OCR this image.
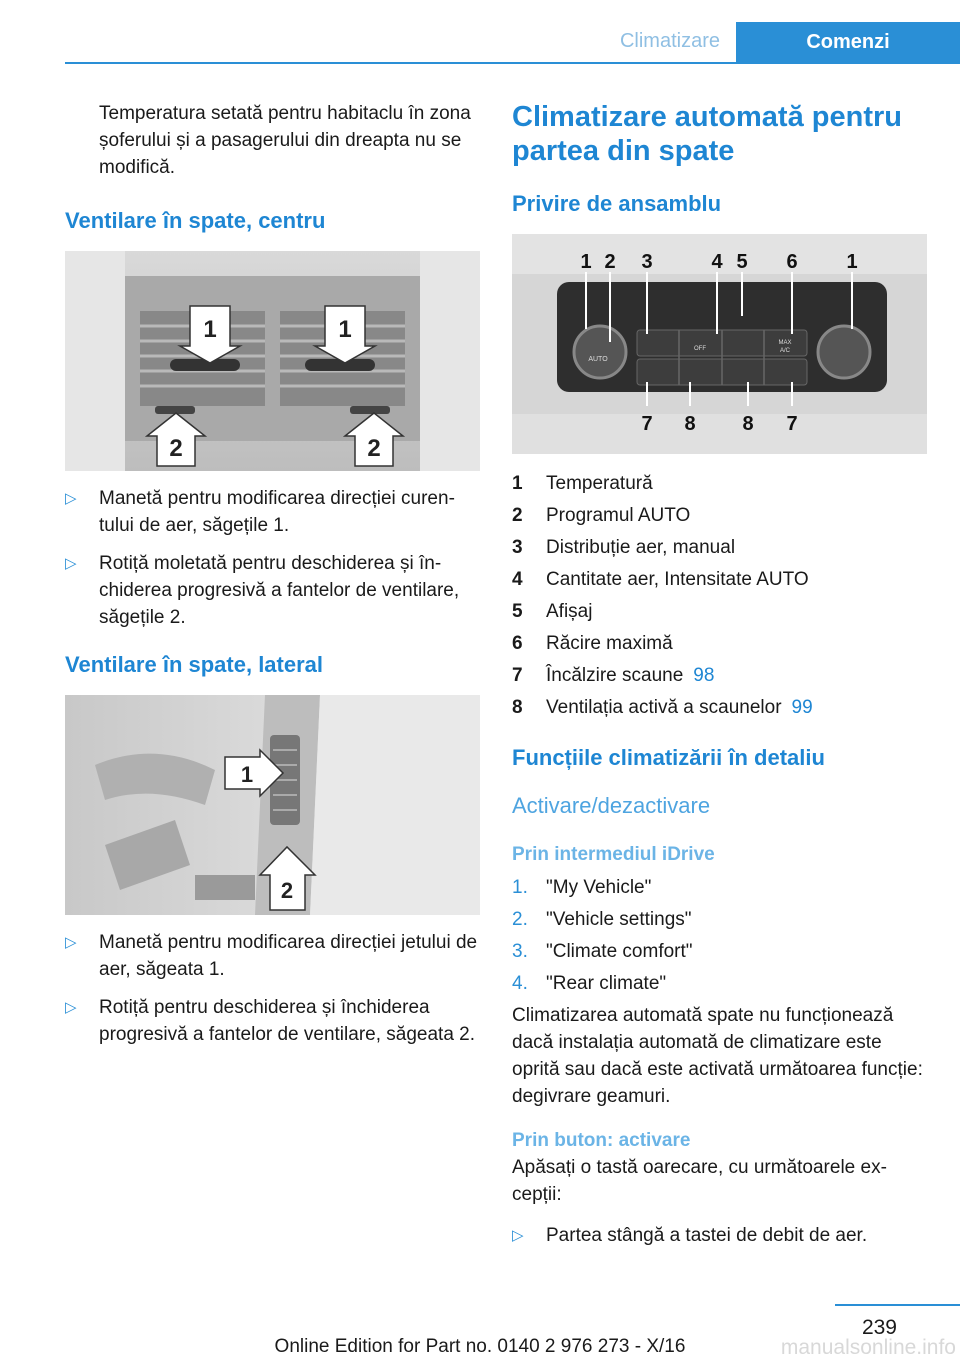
Climatizare	Comenzi

Temperatura setată pentru habitaclu în zona șoferului și a pasagerului din dreapta nu se modifică.

Ventilare în spate, centru
1	1
2	2
▷ Manetă pentru modificarea direcției curentului de aer, săgețile 1.
▷ Rotiță moletată pentru deschiderea și închiderea progresivă a fantelor de ventilare, săgețile 2.
Ventilare în spate, lateral
1
2
▷ Manetă pentru modificarea direcției jetului de aer, săgeata 1.
▷ Rotiță pentru deschiderea și închiderea progresivă a fantelor de ventilare, săgeata 2.
Climatizare automată pentru partea din spate
Privire de ansamblu
AUTO
OFF
MAX
A/C
1 2 3	4 5 6 1
7 8 8 7
1	Temperatură
2	Programul AUTO
3	Distribuție aer, manual
4	Cantitate aer, Intensitate AUTO
5	Afișaj
6	Răcire maximă
7	Încălzire scaune 98
8	Ventilația activă a scaunelor 99
Funcțiile climatizării în detaliu
Activare/dezactivare
Prin intermediul iDrive
1. "My Vehicle"
2. "Vehicle settings"
3. "Climate comfort"
4. "Rear climate"

Climatizarea automată spate nu funcționează dacă instalația automată de climatizare este oprită sau dacă este activată următoarea funcție: degivrare geamuri.

Prin buton: activare

Apăsați o tastă oarecare, cu următoarele excepții:

▷ Partea stângă a tastei de debit de aer.
239
Online Edition for Part no. 0140 2 976 273 - X/16	manualsonline.info
